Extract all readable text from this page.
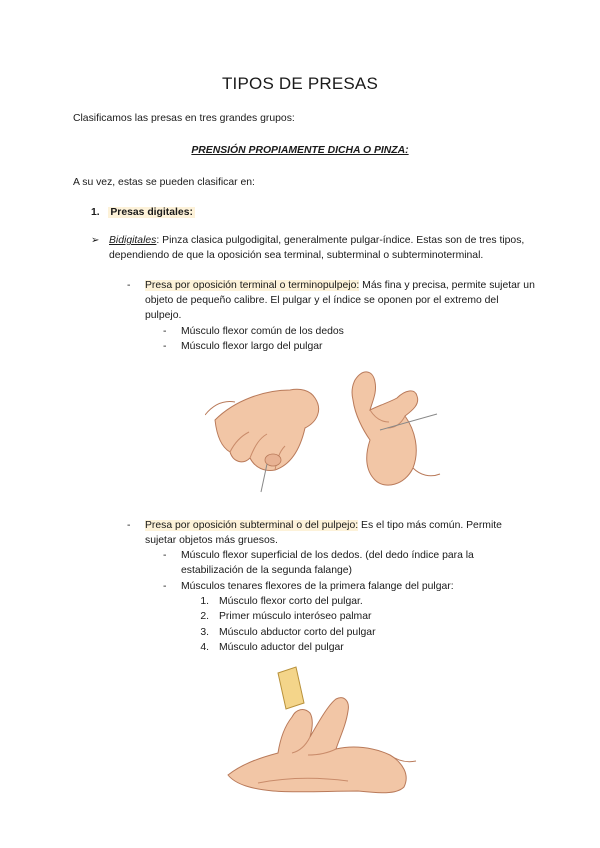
TIPOS DE PRESAS
Clasificamos las presas en tres grandes grupos:
PRENSIÓN PROPIAMENTE DICHA O PINZA:
A su vez, estas se pueden clasificar en:
1. Presas digitales:
➢ Bidigitales: Pinza clasica pulgodigital, generalmente pulgar-índice. Estas son de tres tipos, dependiendo de que la oposición sea terminal, subterminal o subterminoterminal.
- Presa por oposición terminal o terminopulpejo: Más fina y precisa, permite sujetar un objeto de pequeño calibre. El pulgar y el índice se oponen por el extremo del pulpejo.
- Músculo flexor común de los dedos
- Músculo flexor largo del pulgar
- Presa por oposición subterminal o del pulpejo: Es el tipo más común. Permite sujetar objetos más gruesos.
- Músculo flexor superficial de los dedos. (del dedo índice para la
estabilización de la segunda falange)
- Músculos tenares flexores de la primera falange del pulgar:
1. Músculo flexor corto del pulgar.
2. Primer músculo interóseo palmar
3. Músculo abductor corto del pulgar
4. Músculo aductor del pulgar
